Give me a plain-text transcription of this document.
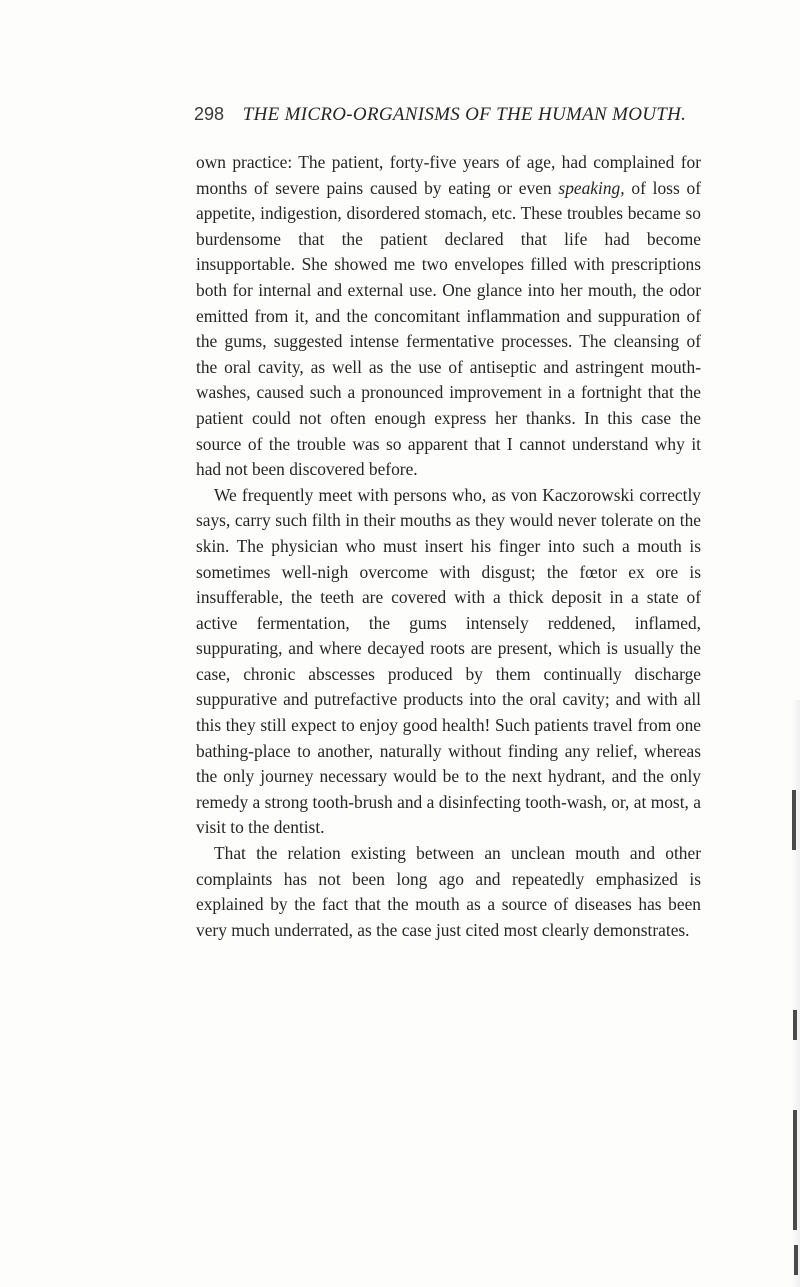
298 THE MICRO-ORGANISMS OF THE HUMAN MOUTH.

own practice: The patient, forty-five years of age, had complained for months of severe pains caused by eating or even speaking, of loss of appetite, indigestion, disordered stomach, etc. These troubles became so burdensome that the patient declared that life had become insupportable. She showed me two envelopes filled with prescriptions both for internal and external use. One glance into her mouth, the odor emitted from it, and the concomitant inflammation and suppuration of the gums, suggested intense fermentative processes. The cleansing of the oral cavity, as well as the use of antiseptic and astringent mouth-washes, caused such a pronounced improvement in a fortnight that the patient could not often enough express her thanks. In this case the source of the trouble was so apparent that I cannot understand why it had not been discovered before.

We frequently meet with persons who, as von Kaczorowski correctly says, carry such filth in their mouths as they would never tolerate on the skin. The physician who must insert his finger into such a mouth is sometimes well-nigh overcome with disgust; the fœtor ex ore is insufferable, the teeth are covered with a thick deposit in a state of active fermentation, the gums intensely reddened, inflamed, suppurating, and where decayed roots are present, which is usually the case, chronic abscesses produced by them continually discharge suppurative and putrefactive products into the oral cavity; and with all this they still expect to enjoy good health! Such patients travel from one bathing-place to another, naturally without finding any relief, whereas the only journey necessary would be to the next hydrant, and the only remedy a strong tooth-brush and a disinfecting tooth-wash, or, at most, a visit to the dentist.

That the relation existing between an unclean mouth and other complaints has not been long ago and repeatedly emphasized is explained by the fact that the mouth as a source of diseases has been very much underrated, as the case just cited most clearly demonstrates.
